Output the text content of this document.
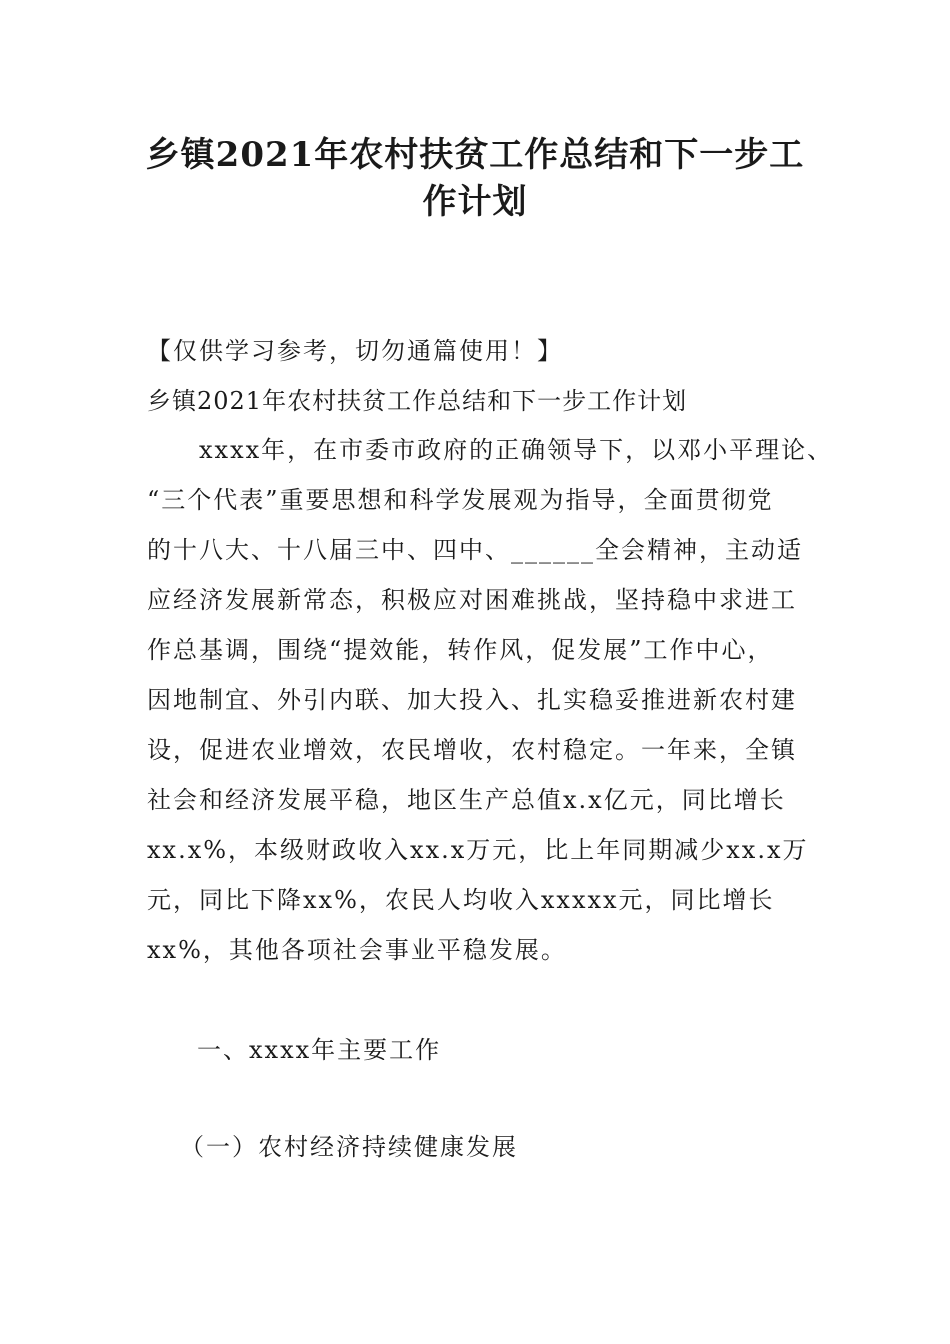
乡镇2021年农村扶贫工作总结和下一步工
作计划
【仅供学习参考，切勿通篇使用！】
乡镇2021年农村扶贫工作总结和下一步工作计划
xxxx年，在市委市政府的正确领导下，以邓小平理论、
“三个代表”重要思想和科学发展观为指导，全面贯彻党
的十八大、十八届三中、四中、______全会精神，主动适
应经济发展新常态，积极应对困难挑战，坚持稳中求进工
作总基调，围绕“提效能，转作风，促发展”工作中心，
因地制宜、外引内联、加大投入、扎实稳妥推进新农村建
设，促进农业增效，农民增收，农村稳定。一年来，全镇
社会和经济发展平稳，地区生产总值x.x亿元，同比增长
xx.x%，本级财政收入xx.x万元，比上年同期减少xx.x万
元，同比下降xx%，农民人均收入xxxxx元，同比增长
xx%，其他各项社会事业平稳发展。
一、xxxx年主要工作
（一）农村经济持续健康发展
